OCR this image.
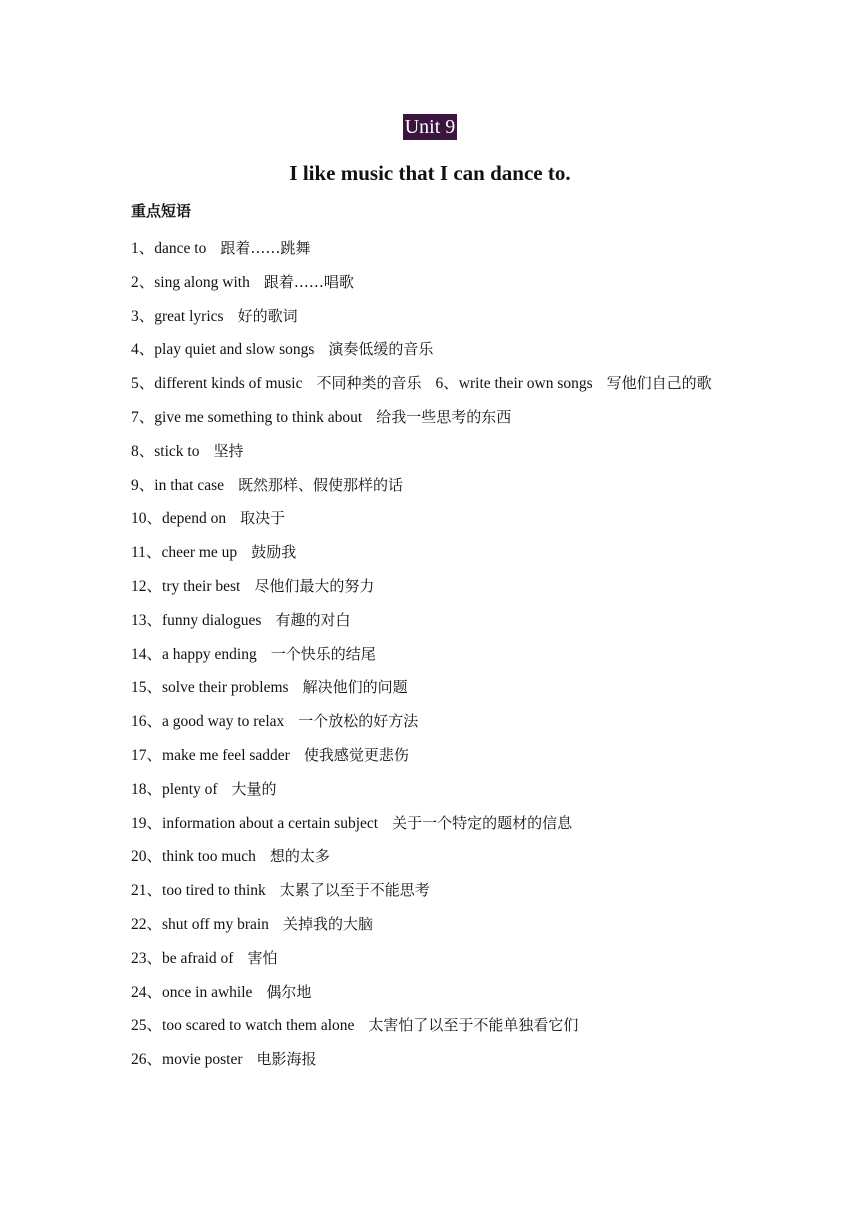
Unit 9
I like music that I can dance to.
重点短语
1、dance to 跟着……跳舞
2、sing along with 跟着……唱歌
3、great lyrics 好的歌词
4、play quiet and slow songs 演奏低缓的音乐
5、different kinds of music 不同种类的音乐 6、write their own songs 写他们自己的歌
7、give me something to think about 给我一些思考的东西
8、stick to 坚持
9、in that case 既然那样、假使那样的话
10、depend on 取决于
11、cheer me up 鼓励我
12、try their best 尽他们最大的努力
13、funny dialogues 有趣的对白
14、a happy ending 一个快乐的结尾
15、solve their problems 解决他们的问题
16、a good way to relax 一个放松的好方法
17、make me feel sadder 使我感觉更悲伤
18、plenty of 大量的
19、information about a certain subject 关于一个特定的题材的信息
20、think too much 想的太多
21、too tired to think 太累了以至于不能思考
22、shut off my brain 关掉我的大脑
23、be afraid of 害怕
24、once in awhile 偶尔地
25、too scared to watch them alone 太害怕了以至于不能单独看它们
26、movie poster 电影海报
